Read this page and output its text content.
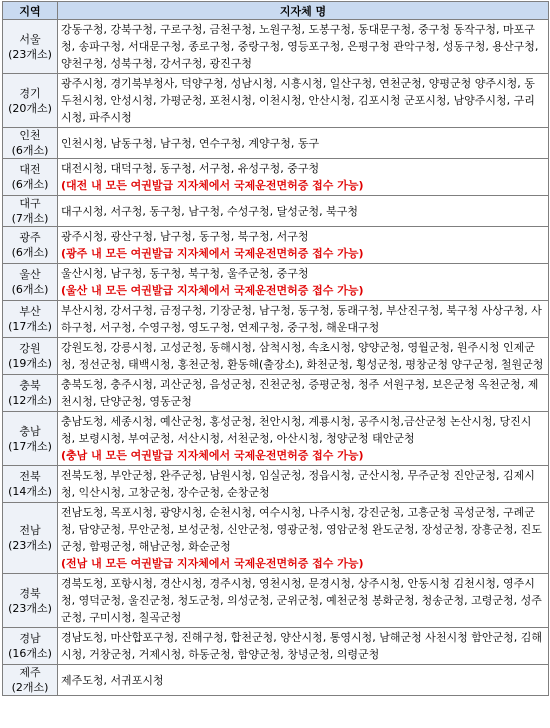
지역	지자체 명

서울
(23개소)	강동구청, 강북구청, 구로구청, 금천구청, 노원구청, 도봉구청, 동대문구청, 중구청 동작구청, 마포구청, 송파구청, 서대문구청, 종로구청, 중랑구청, 영등포구청, 은평구청 관악구청, 성동구청, 용산구청, 양천구청, 성북구청, 강서구청, 광진구청

경기
(20개소)	광주시청, 경기북부청사, 덕양구청, 성남시청, 시흥시청, 일산구청, 연천군청, 양평군청 양주시청, 동두천시청, 안성시청, 가평군청, 포천시청, 이천시청, 안산시청, 김포시청 군포시청, 남양주시청, 구리시청, 파주시청

인천
(6개소)	인천시청, 남동구청, 남구청, 연수구청, 계양구청, 동구

대전
(6개소)	대전시청, 대덕구청, 동구청, 서구청, 유성구청, 중구청
(대전 내 모든 여권발급 지자체에서 국제운전면허증 접수 가능)

대구
(7개소)	대구시청, 서구청, 동구청, 남구청, 수성구청, 달성군청, 북구청

광주
(6개소)	광주시청, 광산구청, 남구청, 동구청, 북구청, 서구청
(광주 내 모든 여권발급 지자체에서 국제운전면허증 접수 가능)

울산
(6개소)	울산시청, 남구청, 동구청, 북구청, 울주군청, 중구청
(울산 내 모든 여권발급 지자체에서 국제운전면허증 접수 가능)

부산
(17개소)	부산시청, 강서구청, 금정구청, 기장군청, 남구청, 동구청, 동래구청, 부산진구청, 북구청 사상구청, 사하구청, 서구청, 수영구청, 영도구청, 연제구청, 중구청, 해운대구청

강원
(19개소)	강원도청, 강릉시청, 고성군청, 동해시청, 삼척시청, 속초시청, 양양군청, 영월군청, 원주시청 인제군청, 정선군청, 태백시청, 홍천군청, 환동해(출장소), 화천군청, 횡성군청, 평창군청 양구군청, 철원군청

충북
(12개소)	충북도청, 충주시청, 괴산군청, 음성군청, 진천군청, 증평군청, 청주 서원구청, 보은군청 옥천군청, 제천시청, 단양군청, 영동군청

충남
(17개소)	충남도청, 세종시청, 예산군청, 홍성군청, 천안시청, 계룡시청, 공주시청,금산군청 논산시청, 당진시청, 보령시청, 부여군청, 서산시청, 서천군청, 아산시청, 청양군청 태안군청
(충남 내 모든 여권발급 지자체에서 국제운전면허증 접수 가능)

전북
(14개소)	전북도청, 부안군청, 완주군청, 남원시청, 임실군청, 정읍시청, 군산시청, 무주군청 진안군청, 김제시청, 익산시청, 고창군청, 장수군청, 순창군청

전남
(23개소)	전남도청, 목포시청, 광양시청, 순천시청, 여수시청, 나주시청, 강진군청, 고흥군청 곡성군청, 구례군청, 담양군청, 무안군청, 보성군청, 신안군청, 영광군청, 영암군청 완도군청, 장성군청, 장흥군청, 진도군청, 함평군청, 해남군청, 화순군청
(전남 내 모든 여권발급 지자체에서 국제운전면허증 접수 가능)

경북
(23개소)	경북도청, 포항시청, 경산시청, 경주시청, 영천시청, 문경시청, 상주시청, 안동시청 김천시청, 영주시청, 영덕군청, 울진군청, 청도군청, 의성군청, 군위군청, 예천군청 봉화군청, 청송군청, 고령군청, 성주군청, 구미시청, 칠곡군청

경남
(16개소)	경남도청, 마산합포구청, 진해구청, 합천군청, 양산시청, 통영시청, 남해군청 사천시청 함안군청, 김해시청, 거창군청, 거제시청, 하동군청, 함양군청, 창녕군청, 의령군청

제주
(2개소)	제주도청, 서귀포시청
